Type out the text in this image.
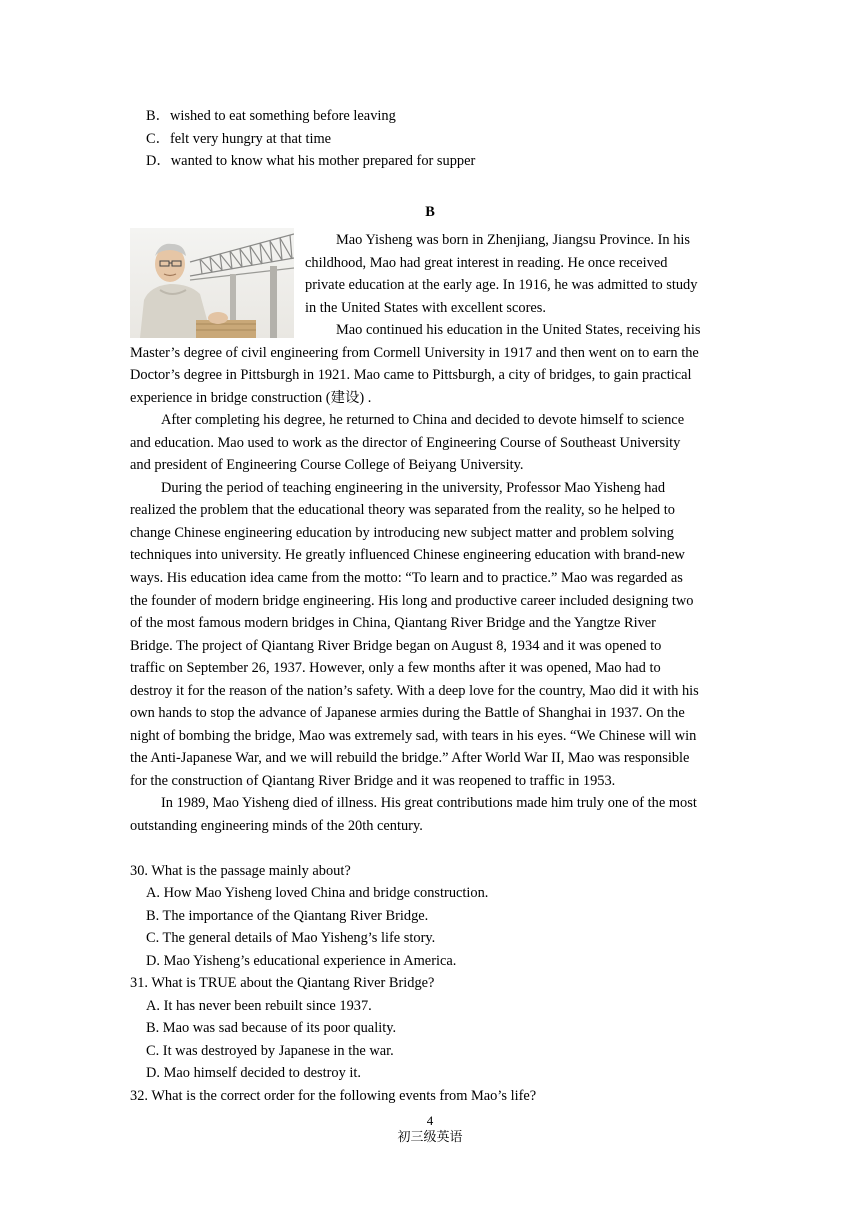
B．wished to eat something before leaving
C．felt very hungry at that time
D．wanted to know what his mother prepared for supper
B
Mao Yisheng was born in Zhenjiang, Jiangsu Province. In his
childhood, Mao had great interest in reading. He once received
private education at the early age. In 1916, he was admitted to study
in the United States with excellent scores.
Mao continued his education in the United States, receiving his
Master’s degree of civil engineering from Cormell University in 1917 and then went on to earn the
Doctor’s degree in Pittsburgh in 1921. Mao came to Pittsburgh, a city of bridges, to gain practical
experience in bridge construction (建设) .
After completing his degree, he returned to China and decided to devote himself to science
and education. Mao used to work as the director of Engineering Course of Southeast University
and president of Engineering Course College of Beiyang University.
During the period of teaching engineering in the university, Professor Mao Yisheng had
realized the problem that the educational theory was separated from the reality, so he helped to
change Chinese engineering education by introducing new subject matter and problem solving
techniques into university. He greatly influenced Chinese engineering education with brand-new
ways. His education idea came from the motto: “To learn and to practice.” Mao was regarded as
the founder of modern bridge engineering. His long and productive career included designing two
of the most famous modern bridges in China, Qiantang River Bridge and the Yangtze River
Bridge. The project of Qiantang River Bridge began on August 8, 1934 and it was opened to
traffic on September 26, 1937. However, only a few months after it was opened, Mao had to
destroy it for the reason of the nation’s safety. With a deep love for the country, Mao did it with his
own hands to stop the advance of Japanese armies during the Battle of Shanghai in 1937. On the
night of bombing the bridge, Mao was extremely sad, with tears in his eyes. “We Chinese will win
the Anti-Japanese War, and we will rebuild the bridge.” After World War II, Mao was responsible
for the construction of Qiantang River Bridge and it was reopened to traffic in 1953.
In 1989, Mao Yisheng died of illness. His great contributions made him truly one of the most
outstanding engineering minds of the 20th century.
30. What is the passage mainly about?
A. How Mao Yisheng loved China and bridge construction.
B. The importance of the Qiantang River Bridge.
C. The general details of Mao Yisheng’s life story.
D. Mao Yisheng’s educational experience in America.
31. What is TRUE about the Qiantang River Bridge?
A. It has never been rebuilt since 1937.
B. Mao was sad because of its poor quality.
C. It was destroyed by Japanese in the war.
D. Mao himself decided to destroy it.
32. What is the correct order for the following events from Mao’s life?
4
初三级英语
